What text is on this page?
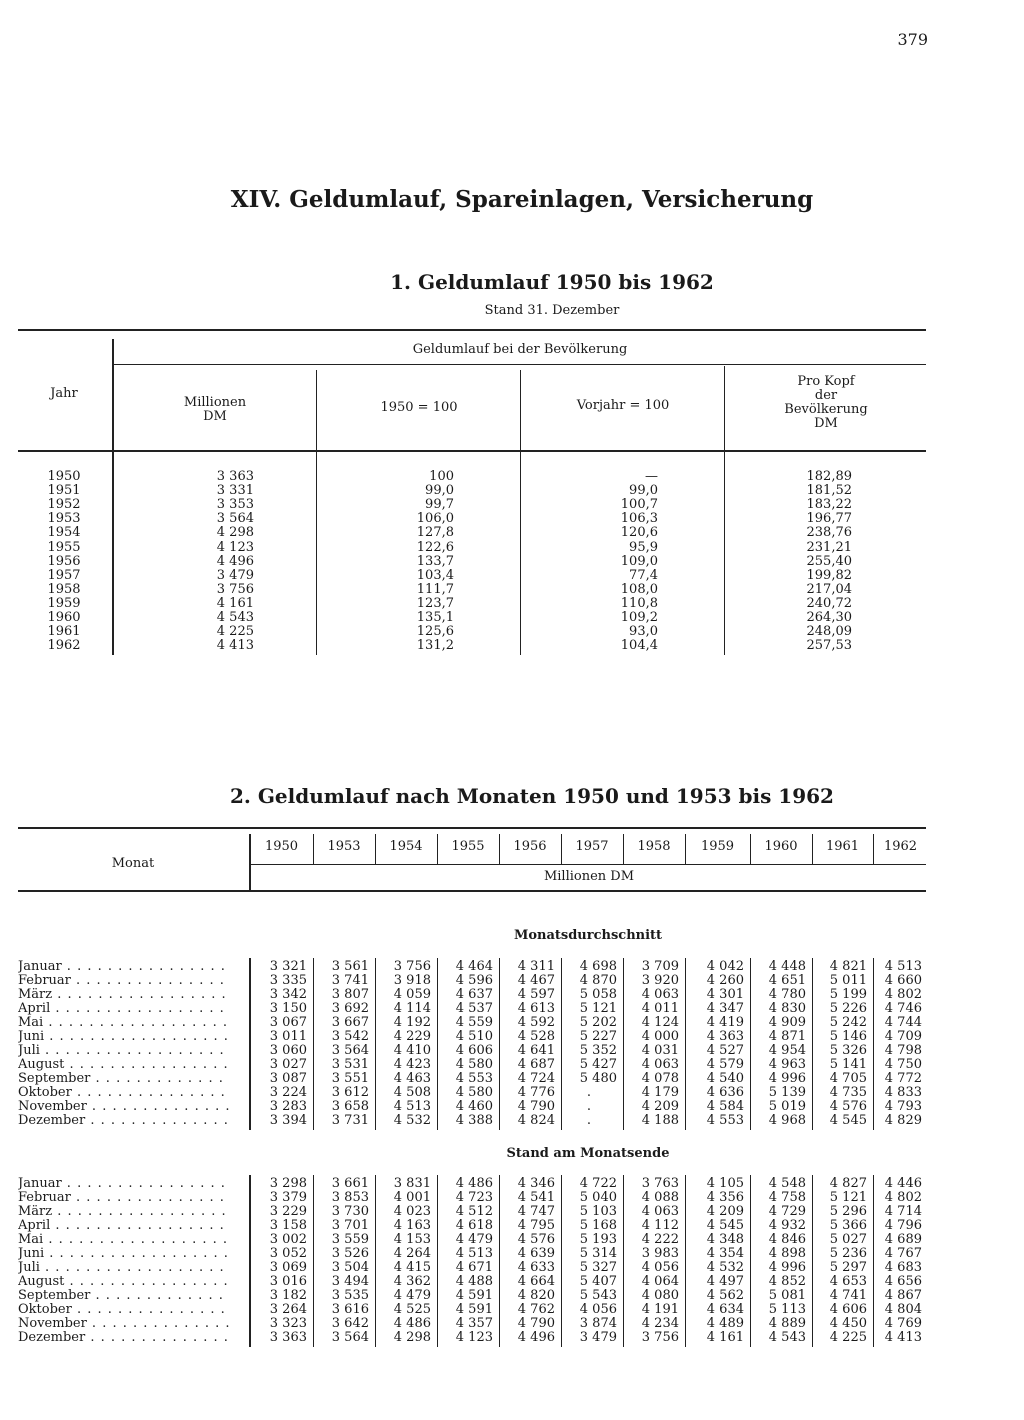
379
XIV. Geldumlauf, Spareinlagen, Versicherung
1. Geldumlauf 1950 bis 1962
Stand 31. Dezember
Jahr
Geldumlauf bei der Bevölkerung
Millionen
DM
1950 = 100	Vorjahr = 100
Pro Kopf
der
Bevölkerung
DM
1950	3 363	100	—	182,89
1951	3 331	99,0	99,0	181,52
1952	3 353	99,7	100,7	183,22
1953	3 564	106,0	106,3	196,77
1954	4 298	127,8	120,6	238,76
1955	4 123	122,6	95,9	231,21
1956	4 496	133,7	109,0	255,40
1957	3 479	103,4	77,4	199,82
1958	3 756	111,7	108,0	217,04
1959	4 161	123,7	110,8	240,72
1960	4 543	135,1	109,2	264,30
1961	4 225	125,6	93,0	248,09
1962	4 413	131,2	104,4	257,53
2. Geldumlauf nach Monaten 1950 und 1953 bis 1962
Monat
Millionen DM
1950	1953	1954	1955	1956	1957	1958	1959	1960	1961	1962
Monatsdurchschnitt
Januar . . .	3 321	3 561	3 756	4 464	4 311	4 698	3 709	4 042	4 448	4 821	4 513
Februar . . .	3 335	3 741	3 918	4 596	4 467	4 870	3 920	4 260	4 651	5 011	4 660
März . . .	3 342	3 807	4 059	4 637	4 597	5 058	4 063	4 301	4 780	5 199	4 802
April . . .	3 150	3 692	4 114	4 537	4 613	5 121	4 011	4 347	4 830	5 226	4 746
Mai . . .	3 067	3 667	4 192	4 559	4 592	5 202	4 124	4 419	4 909	5 242	4 744
Juni . . .	3 011	3 542	4 229	4 510	4 528	5 227	4 000	4 363	4 871	5 146	4 709
Juli . . .	3 060	3 564	4 410	4 606	4 641	5 352	4 031	4 527	4 954	5 326	4 798
August . . .	3 027	3 531	4 423	4 580	4 687	5 427	4 063	4 579	4 963	5 141	4 750
September . . .	3 087	3 551	4 463	4 553	4 724	5 480	4 078	4 540	4 996	4 705	4 772
Oktober . . .	3 224	3 612	4 508	4 580	4 776	.	4 179	4 636	5 139	4 735	4 833
November . . .	3 283	3 658	4 513	4 460	4 790	.	4 209	4 584	5 019	4 576	4 793
Dezember . . .	3 394	3 731	4 532	4 388	4 824	.	4 188	4 553	4 968	4 545	4 829
Stand am Monatsende
Januar . . .	3 298	3 661	3 831	4 486	4 346	4 722	3 763	4 105	4 548	4 827	4 446
Februar . . .	3 379	3 853	4 001	4 723	4 541	5 040	4 088	4 356	4 758	5 121	4 802
März . . .	3 229	3 730	4 023	4 512	4 747	5 103	4 063	4 209	4 729	5 296	4 714
April . . .	3 158	3 701	4 163	4 618	4 795	5 168	4 112	4 545	4 932	5 366	4 796
Mai . . .	3 002	3 559	4 153	4 479	4 576	5 193	4 222	4 348	4 846	5 027	4 689
Juni . . .	3 052	3 526	4 264	4 513	4 639	5 314	3 983	4 354	4 898	5 236	4 767
Juli . . .	3 069	3 504	4 415	4 671	4 633	5 327	4 056	4 532	4 996	5 297	4 683
August . . .	3 016	3 494	4 362	4 488	4 664	5 407	4 064	4 497	4 852	4 653	4 656
September . . .	3 182	3 535	4 479	4 591	4 820	5 543	4 080	4 562	5 081	4 741	4 867
Oktober . . .	3 264	3 616	4 525	4 591	4 762	4 056	4 191	4 634	5 113	4 606	4 804
November . . .	3 323	3 642	4 486	4 357	4 790	3 874	4 234	4 489	4 889	4 450	4 769
Dezember . . .	3 363	3 564	4 298	4 123	4 496	3 479	3 756	4 161	4 543	4 225	4 413
